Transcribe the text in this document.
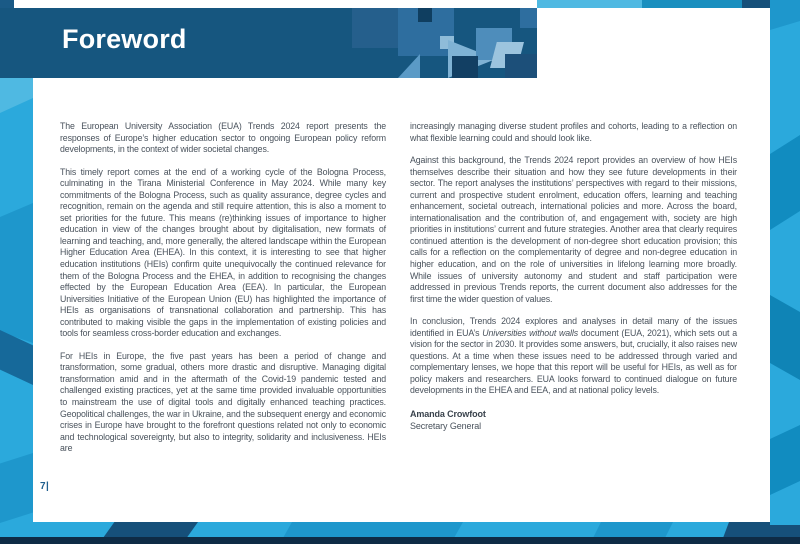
Foreword

The European University Association (EUA) Trends 2024 report presents the responses of Europe’s higher education sector to ongoing European policy reform developments, in the context of wider societal changes.

This timely report comes at the end of a working cycle of the Bologna Process, culminating in the Tirana Ministerial Conference in May 2024. While many key commitments of the Bologna Process, such as quality assurance, degree cycles and recognition, remain on the agenda and still require attention, this is also a moment to set priorities for the future. This means (re)thinking issues of importance to higher education in view of the changes brought about by digitalisation, new formats of learning and teaching, and, more generally, the altered landscape within the European Higher Education Area (EHEA). In this context, it is interesting to see that higher education institutions (HEIs) confirm quite unequivocally the continued relevance for them of the Bologna Process and the EHEA, in addition to recognising the changes effected by the European Education Area (EEA). In particular, the European Universities Initiative of the European Union (EU) has highlighted the importance of HEIs as organisations of transnational collaboration and partnership. This has contributed to making visible the gaps in the implementation of existing policies and tools for seamless cross-border education and exchanges.

For HEIs in Europe, the five past years has been a period of change and transformation, some gradual, others more drastic and disruptive. Managing digital transformation amid and in the aftermath of the Covid-19 pandemic tested and challenged existing practices, yet at the same time provided invaluable opportunities to mainstream the use of digital tools and digitally enhanced teaching practices. Geopolitical challenges, the war in Ukraine, and the subsequent energy and economic crises in Europe have brought to the forefront questions related not only to economic and technological sovereignty, but also to integrity, solidarity and inclusiveness. HEIs are

increasingly managing diverse student profiles and cohorts, leading to a reflection on what flexible learning could and should look like.

Against this background, the Trends 2024 report provides an overview of how HEIs themselves describe their situation and how they see future developments in their sector. The report analyses the institutions’ perspectives with regard to their missions, current and prospective student enrolment, education offers, learning and teaching enhancement, societal outreach, international policies and more. Across the board, internationalisation and the contribution of, and engagement with, society are high priorities in institutions’ current and future strategies. Another area that clearly requires continued attention is the development of non-degree short education provision; this calls for a reflection on the complementarity of degree and non-degree education in higher education, and on the role of universities in lifelong learning more broadly. While issues of university autonomy and student and staff participation were addressed in previous Trends reports, the current document also addresses for the first time the wider question of values.

In conclusion, Trends 2024 explores and analyses in detail many of the issues identified in EUA’s Universities without walls document (EUA, 2021), which sets out a vision for the sector in 2030. It provides some answers, but, crucially, it also raises new questions. At a time when these issues need to be addressed through varied and complementary lenses, we hope that this report will be useful for HEIs, as well as for policy makers and researchers. EUA looks forward to continued dialogue on future developments in the EHEA and EEA, and at national policy levels.

Amanda Crowfoot
Secretary General
7|
